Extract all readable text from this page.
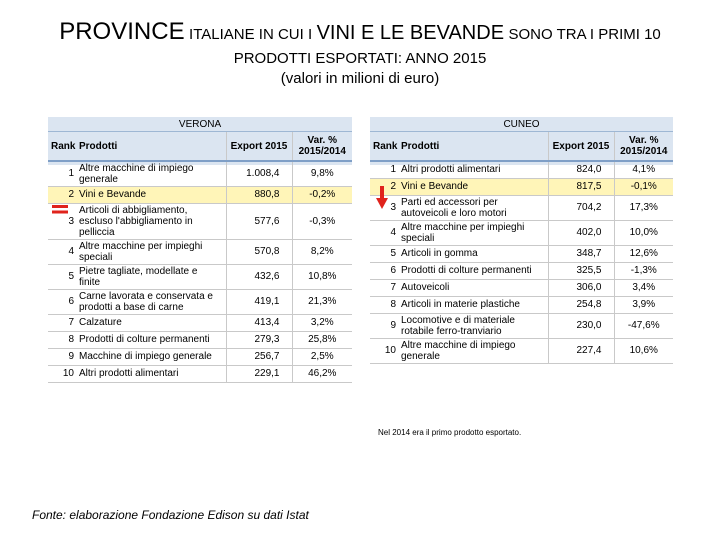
PROVINCE ITALIANE IN CUI I VINI E LE BEVANDE SONO TRA I PRIMI 10
PRODOTTI ESPORTATI: ANNO 2015
(valori in milioni di euro)
VERONA			
Rank	Prodotti	Export 2015	Var. %
2015/2014

1	Altre macchine di impiego
generale	1.008,4	9,8%
2	Vini e Bevande	880,8	-0,2%
3	Articoli di abbigliamento,
escluso l'abbigliamento in
pelliccia	577,6	-0,3%
4	Altre macchine per impieghi
speciali	570,8	8,2%
5	Pietre tagliate, modellate e
finite	432,6	10,8%
6	Carne lavorata e conservata e
prodotti a base di carne	419,1	21,3%
7	Calzature	413,4	3,2%
8	Prodotti di colture permanenti	279,3	25,8%
9	Macchine di impiego generale	256,7	2,5%
10	Altri prodotti alimentari	229,1	46,2%
CUNEO			
Rank	Prodotti	Export 2015	Var. %
2015/2014

1	Altri prodotti alimentari	824,0	4,1%
2	Vini e Bevande	817,5	-0,1%
3	Parti ed accessori per
autoveicoli e loro motori	704,2	17,3%
4	Altre macchine per impieghi
speciali	402,0	10,0%
5	Articoli in gomma	348,7	12,6%
6	Prodotti di colture permanenti	325,5	-1,3%
7	Autoveicoli	306,0	3,4%
8	Articoli in materie plastiche	254,8	3,9%
9	Locomotive e di materiale
rotabile ferro-tranviario	230,0	-47,6%
10	Altre macchine di impiego
generale	227,4	10,6%
Nel 2014 era il primo prodotto esportato.
Fonte: elaborazione Fondazione Edison su dati Istat
